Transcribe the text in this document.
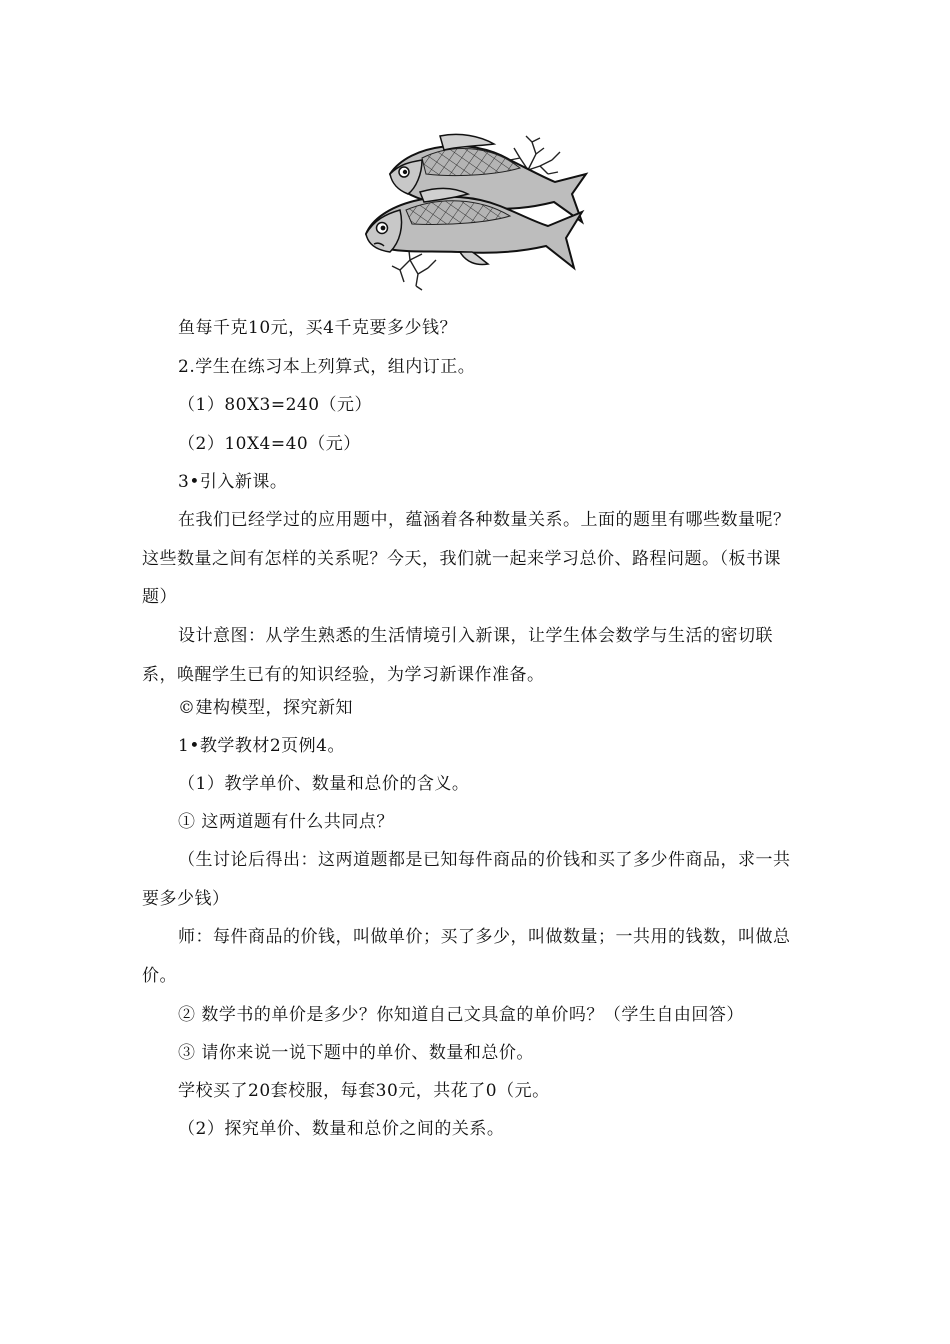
鱼每千克10元，买4千克要多少钱？
2.学生在练习本上列算式，组内订正。
（1）80X3=240（元）
（2）10X4=40（元）
3•引入新课。
在我们已经学过的应用题中，蕴涵着各种数量关系。上面的题里有哪些数量呢？这些数量之间有怎样的关系呢？今天，我们就一起来学习总价、路程问题。（板书课题）
设计意图：从学生熟悉的生活情境引入新课，让学生体会数学与生活的密切联系，唤醒学生已有的知识经验，为学习新课作准备。
©建构模型，探究新知
1•教学教材2页例4。
（1）教学单价、数量和总价的含义。
① 这两道题有什么共同点？
（生讨论后得出：这两道题都是已知每件商品的价钱和买了多少件商品，求一共要多少钱）
师：每件商品的价钱，叫做单价；买了多少，叫做数量；一共用的钱数，叫做总价。
② 数学书的单价是多少？你知道自己文具盒的单价吗？（学生自由回答）
③ 请你来说一说下题中的单价、数量和总价。
学校买了20套校服，每套30元，共花了0（元。
（2）探究单价、数量和总价之间的关系。
